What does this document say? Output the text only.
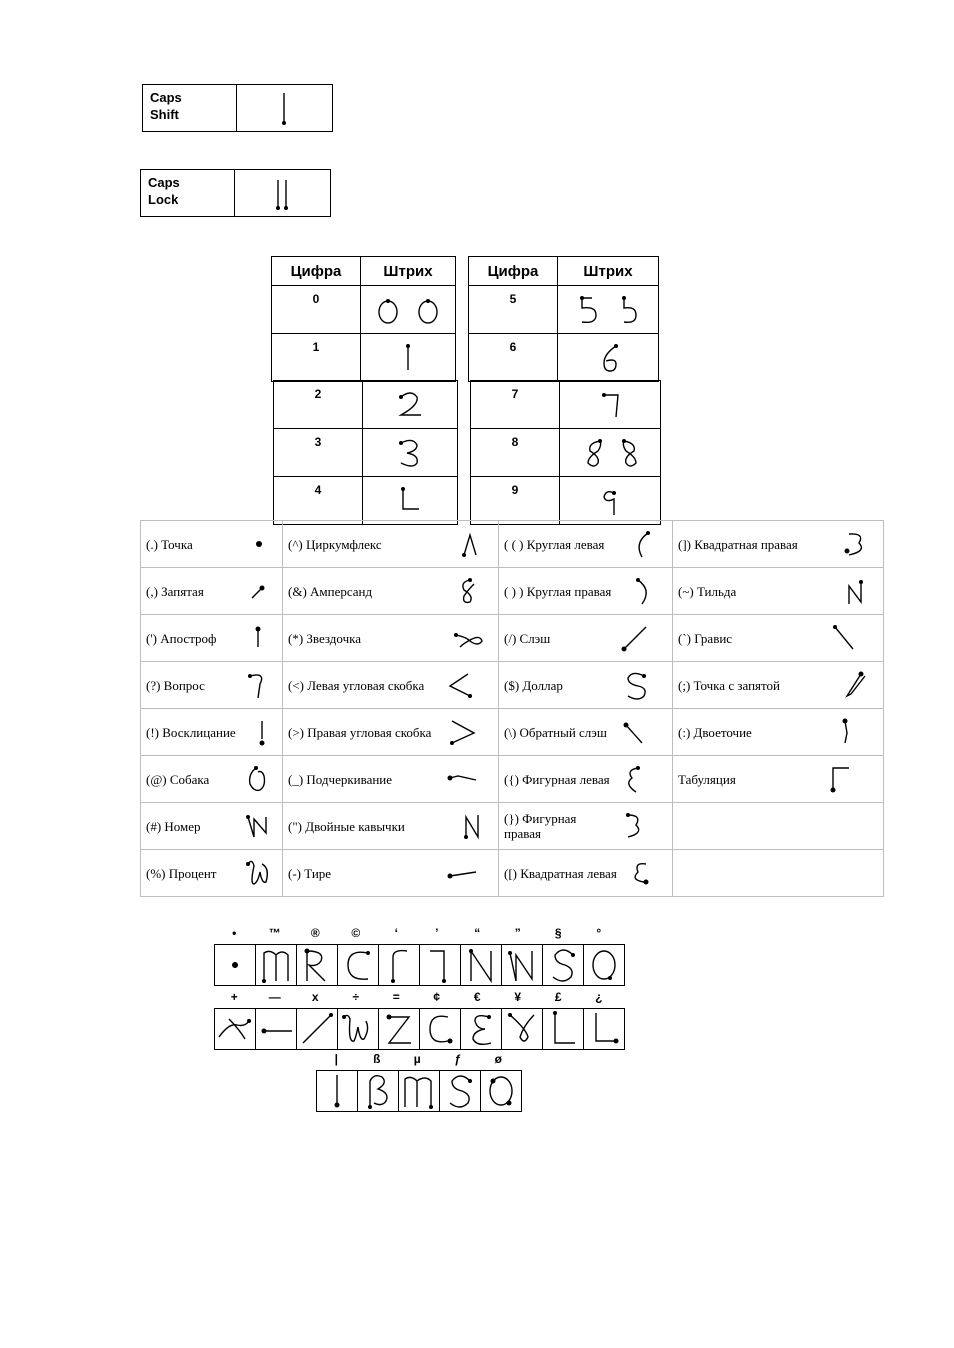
Caps
Shift
Caps
Lock
Цифра	Штрих
0	
1	
Цифра	Штрих
5	
6	
2	
3	
4	
7	
8	
9	
(.) Точка	(^) Циркумфлекс	( ( ) Круглая левая	(]) Квадратная правая

(,) Запятая	(&) Амперсанд	( ) ) Круглая правая	(~) Тильда

(') Апостроф	(*) Звездочка	(/) Слэш	(`) Гравис

(?) Вопрос	(<) Левая угловая скобка	($) Доллар	(;) Точка с запятой

(!) Восклицание	(>) Правая угловая скобка	(\) Обратный слэш	(:) Двоеточие

(@) Собака	(_) Подчеркивание	({) Фигурная левая	Табуляция

(#) Номер	(") Двойные кавычки	(}) Фигурная правая	

(%) Процент	(-) Тире	([) Квадратная левая	

•	™	®	©	‘	’	“	”	§	°
+	—	x	÷	=	¢	€	¥	£	¿
|	ß	µ	ƒ	ø
